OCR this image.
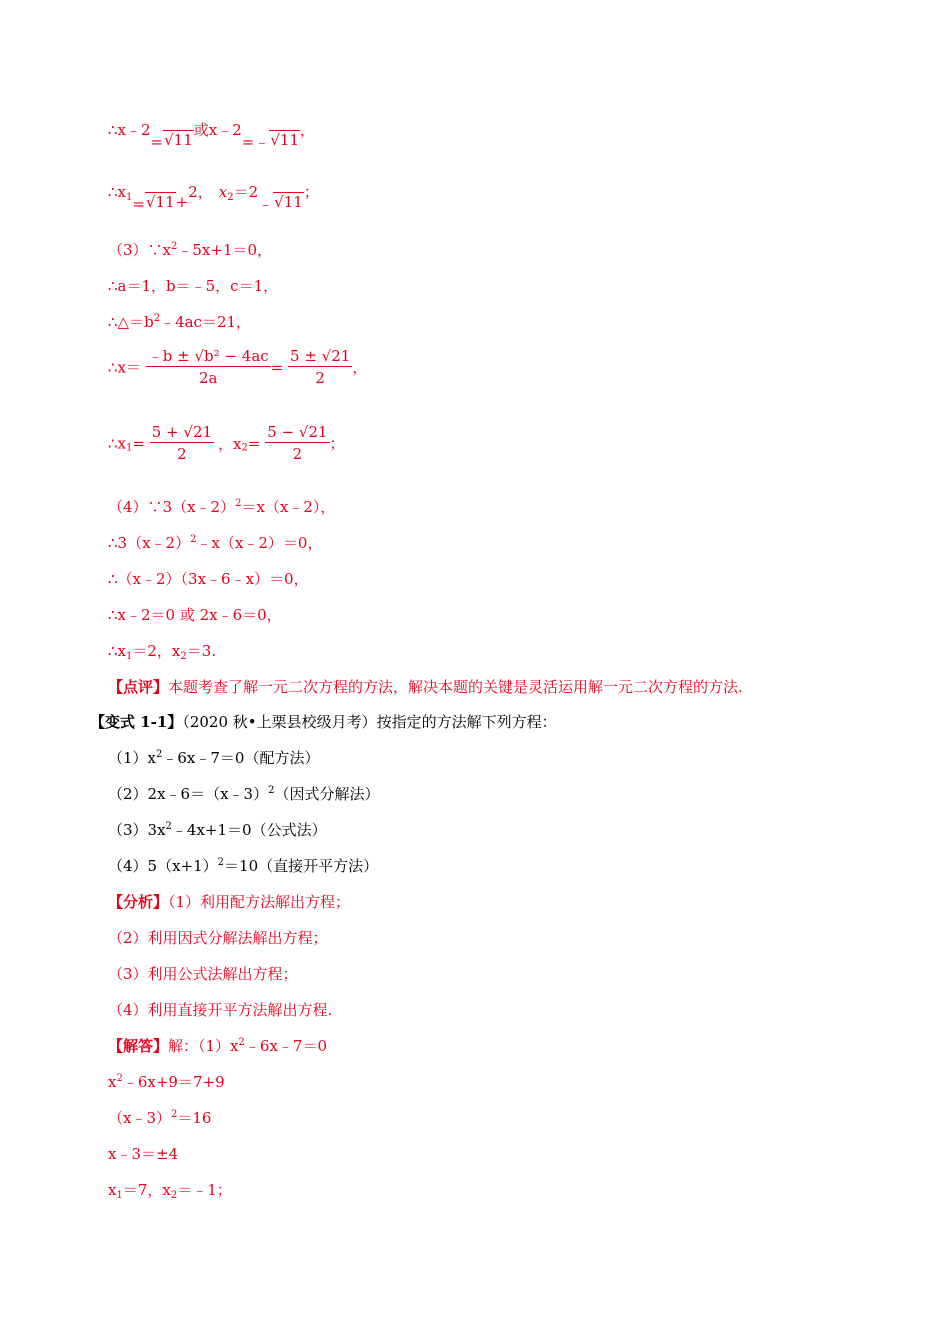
∴x﹣2=√11或x﹣2=﹣√11，
$\therefore x_1=√11+2$， $x_2=2﹣√11$；
$(3)\because x^2﹣5x+1=0$，
∴a＝1，b＝﹣5，c＝1，
$\therefore\triangle=b^2﹣4ac=21$，
∴x＝ $\frac{\text{﹣b ± √b² − 4ac}}{2a} = \frac{5 \pm √21}{2}$ ，
$\therefore x_1= \frac{5 + √21}{2}$ ，$x_2= \frac{5 - √21}{2}$ ；
（4）∵3（x﹣2）$^2$＝x（x﹣2），
∴3（x﹣2）$^2$﹣x（x﹣2）＝0，
∴（x﹣2）（3x﹣6﹣x）＝0，
∴x﹣2＝0 或 2x﹣6＝0，
$\therefore x_1=2$，$x_2=3$.
【点评】本题考查了解一元二次方程的方法，解决本题的关键是灵活运用解一元二次方程的方法.
【变式 1-1】（2020 秋•上栗县校级月考）按指定的方法解下列方程：
$(1)x^2﹣6x﹣7=0$（配方法）
（2）2x﹣6＝（x﹣3）$^2$（因式分解法）
$(3)3x^2﹣4x+1=0$（公式法）
$(4)5(x+1)^2=10$（直接开平方法）
【分析】（1）利用配方法解出方程；
（2）利用因式分解法解出方程；
（3）利用公式法解出方程；
（4）利用直接开平方法解出方程.
【解答】解：$(1)x^2﹣6x﹣7=0$
$x^2﹣6x+9=7+9$
（x﹣3）$^2$＝16
x﹣3＝±4
$x_1=7$，$x_2=﹣1$；
